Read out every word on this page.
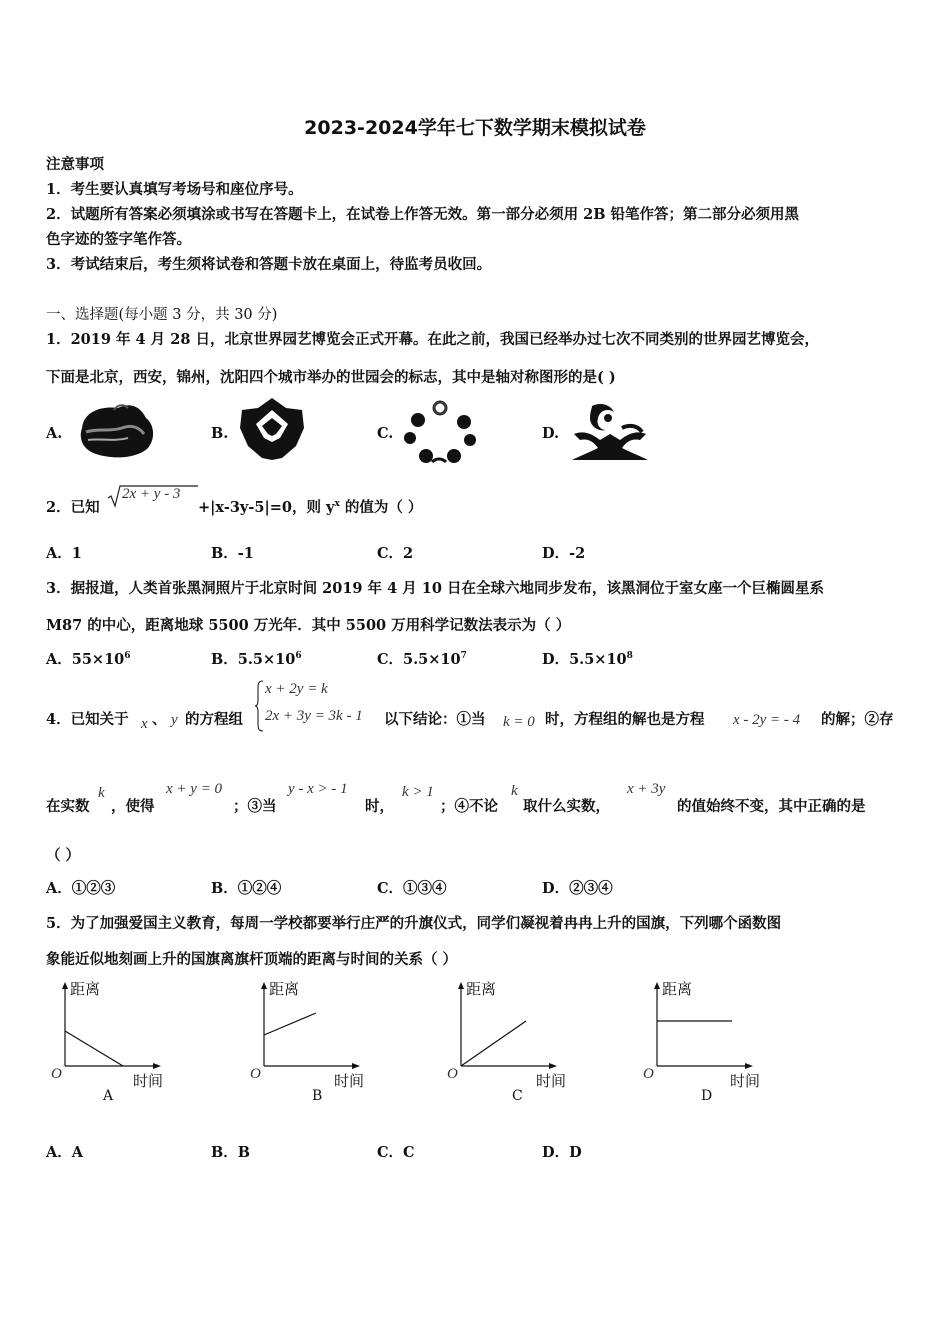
2023-2024学年七下数学期末模拟试卷
注意事项
1．考生要认真填写考场号和座位序号。
2．试题所有答案必须填涂或书写在答题卡上，在试卷上作答无效。第一部分必须用 2B 铅笔作答；第二部分必须用黑
色字迹的签字笔作答。
3．考试结束后，考生须将试卷和答题卡放在桌面上，待监考员收回。
一、选择题(每小题 3 分，共 30 分)
1．2019 年 4 月 28 日，北京世界园艺博览会正式开幕。在此之前，我国已经举办过七次不同类别的世界园艺博览会，
下面是北京，西安，锦州，沈阳四个城市举办的世园会的标志，其中是轴对称图形的是( )
A.	B.	C.	D.
2．已知
2x + y - 3
+|x-3y-5|=0，则 $y^x$ 的值为（ ）
A．1	B．-1	C．2	D．-2
3．据报道，人类首张黑洞照片于北京时间 2019 年 4 月 10 日在全球六地同步发布，该黑洞位于室女座一个巨椭圆星系
M87 的中心，距离地球 5500 万光年．其中 5500 万用科学记数法表示为（ ）
A．$55\times 10^6$	B．$5.5\times 10^6$	C．$5.5\times 10^7$	D．$5.5\times 10^8$
4．已知关于 x 、 y 的方程组
x + 2y = k
2x + 3y = 3k - 1 以下结论：①当 k = 0 时，方程组的解也是方程 x - 2y = - 4 的解；②存
在实数
k
，使得
x + y = 0
；③当
y - x > - 1
时，
k > 1
；④不论
k
取什么实数，
x + 3y
的值始终不变，其中正确的是
（ ）
A．①②③	B．①②④	C．①③④	D．②③④
5．为了加强爱国主义教育，每周一学校都要举行庄严的升旗仪式，同学们凝视着冉冉上升的国旗，下列哪个函数图
象能近似地刻画上升的国旗离旗杆顶端的距离与时间的关系（ ）
距离
O	时间
A
距离
O	时间
B
距离
O	时间
C
距离
O	时间
D
A．A	B．B	C．C	D．D
